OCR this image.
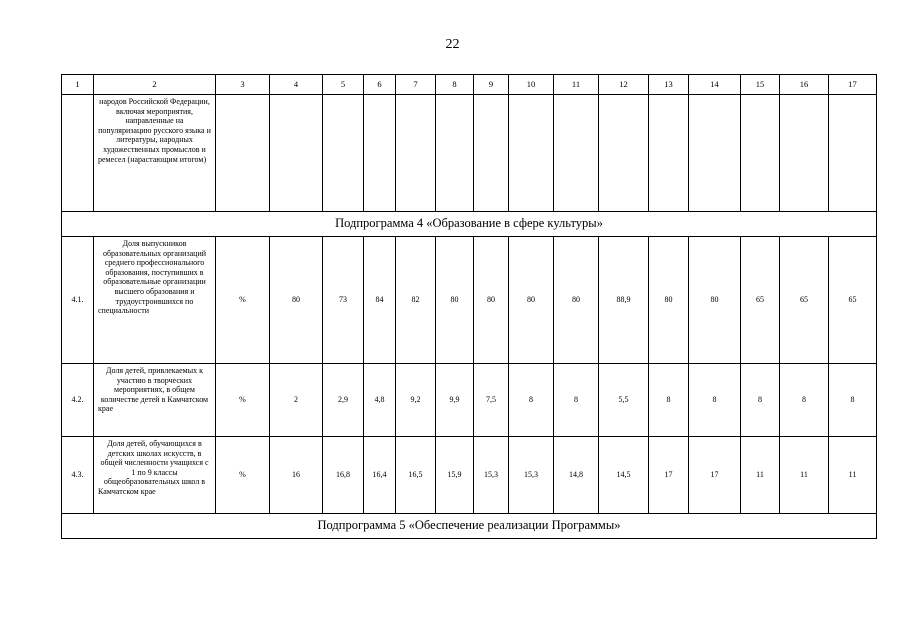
22
1	2	3	4	5	6	7	8	9	10	11	12	13	14	15	16	17
	народов Российской Федерации, включая мероприятия, направленные на популяризацию русского языка и литературы, народных художественных промыслов и ремесел (нарастающим итогом)															
Подпрограмма 4 «Образование в сфере культуры»																
4.1.	Доля выпускников образовательных организаций среднего профессионального образования, поступивших в образовательные организации высшего образования и трудоустроившихся по специальности	%	80	73	84	82	80	80	80	80	88,9	80	80	65	65	65
4.2.	Доля детей, привлекаемых к участию в творческих мероприятиях, в общем количестве детей в Камчатском крае	%	2	2,9	4,8	9,2	9,9	7,5	8	8	5,5	8	8	8	8	8
4.3.	Доля детей, обучающихся в детских школах искусств, в общей численности учащихся с 1 по 9 классы общеобразовательных школ в Камчатском крае	%	16	16,8	16,4	16,5	15,9	15,3	15,3	14,8	14,5	17	17	11	11	11
Подпрограмма 5 «Обеспечение реализации Программы»																
